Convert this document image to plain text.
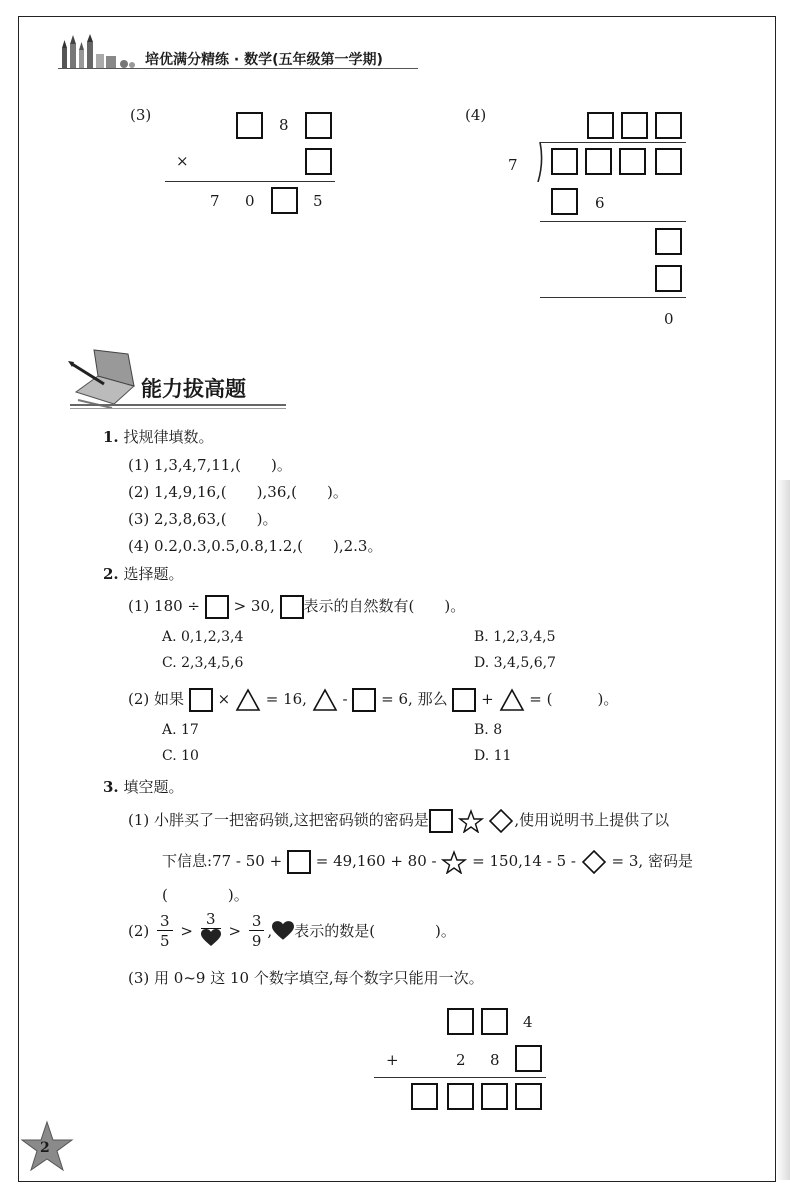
培优满分精练 · 数学(五年级第一学期)
(3)
8
×
7 0	5
(4)
7
6
0
能力拔高题
1. 找规律填数。
(1) 1,3,4,7,11,(　　)。
(2) 1,4,9,16,(　　),36,(　　)。
(3) 2,3,8,63,(　　)。
(4) 0.2,0.3,0.5,0.8,1.2,(　　),2.3。
2. 选择题。
(1) 180 ÷ > 30, 表示的自然数有(　　)。
A. 0,1,2,3,4	B. 1,2,3,4,5
C. 2,3,4,5,6	D. 3,4,5,6,7
(2) 如果 × = 16, - = 6, 那么 + = (　　　)。
A. 17	B. 8
C. 10	D. 11
3. 填空题。
(1) 小胖买了一把密码锁,这把密码锁的密码是	,使用说明书上提供了以
下信息:77 - 50 + = 49,160 + 80 - = 150,14 - 5 - = 3, 密码是
(　　　　)。
$(2) \frac{3}{5}$ >
3
> $\frac{3}{9}$ , 表示的数是(　　　　)。
(3) 用 0~9 这 10 个数字填空,每个数字只能用一次。
4
+	2 8
2
